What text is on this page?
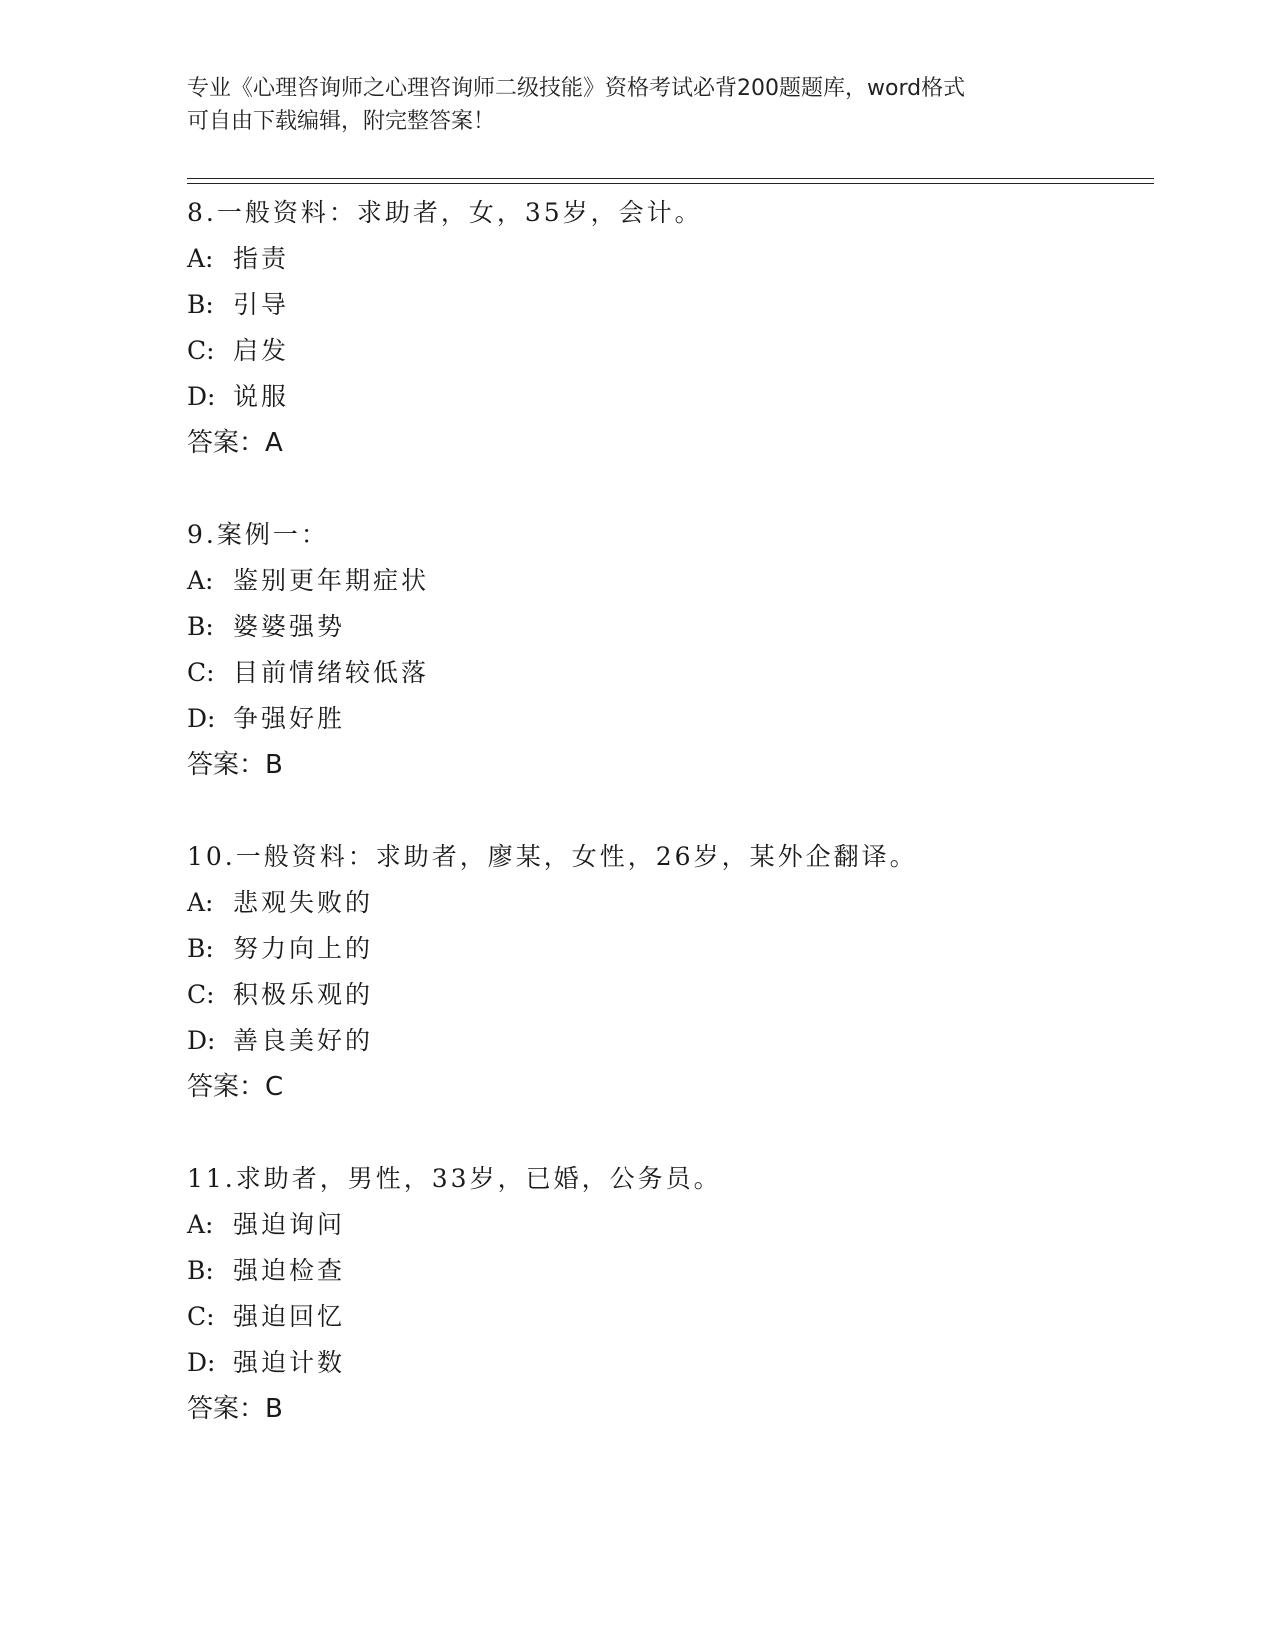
专业《心理咨询师之心理咨询师二级技能》资格考试必背200题题库，word格式
可自由下载编辑，附完整答案！
8.一般资料：求助者，女，35岁，会计。
A: 指责
B: 引导
C: 启发
D: 说服
答案：A
9.案例一：
A: 鉴别更年期症状
B: 婆婆强势
C: 目前情绪较低落
D: 争强好胜
答案：B
10.一般资料：求助者，廖某，女性，26岁，某外企翻译。
A: 悲观失败的
B: 努力向上的
C: 积极乐观的
D: 善良美好的
答案：C
11.求助者，男性，33岁，已婚，公务员。
A: 强迫询问
B: 强迫检查
C: 强迫回忆
D: 强迫计数
答案：B
